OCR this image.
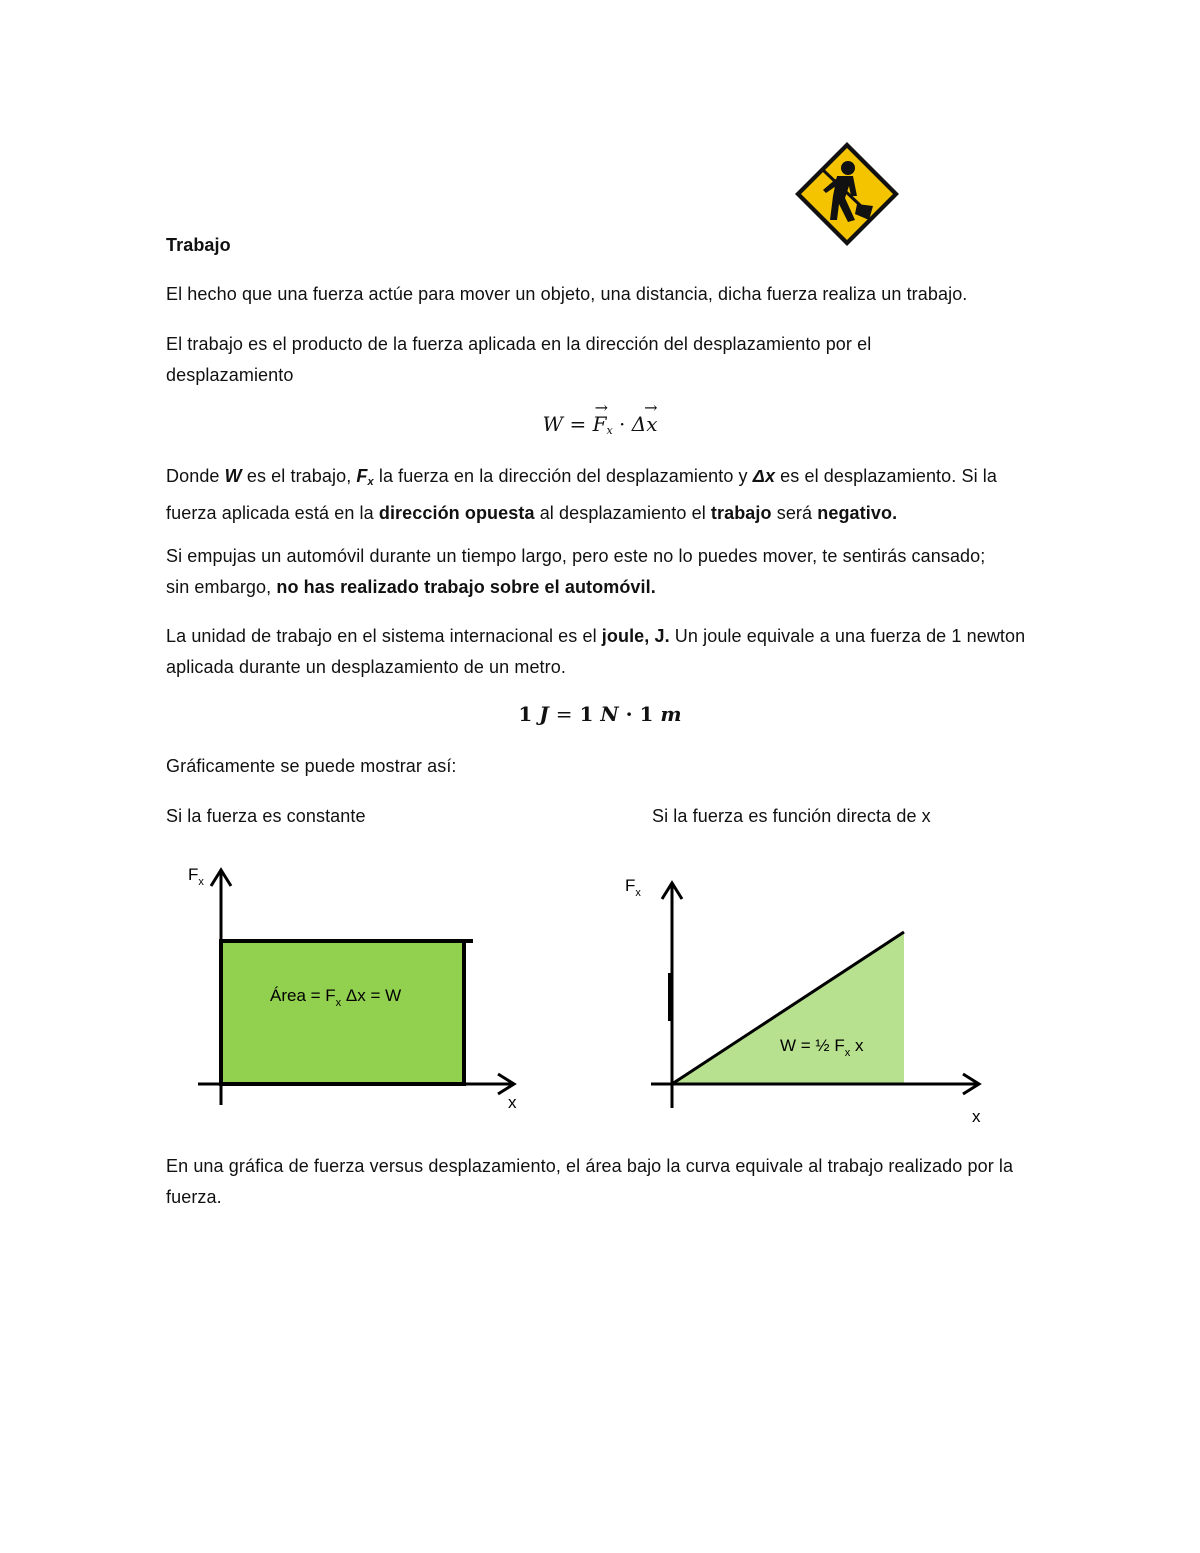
Trabajo
El hecho que una fuerza actúe para mover un objeto, una distancia, dicha fuerza realiza un trabajo.
El trabajo es el producto de la fuerza aplicada en la dirección del desplazamiento por el desplazamiento
W =
→
$F_x$ ·
→
Δx
Donde W es el trabajo, $F_x$ la fuerza en la dirección del desplazamiento y Δx es el desplazamiento. Si la fuerza aplicada está en la dirección opuesta al desplazamiento el trabajo será negativo.
Si empujas un automóvil durante un tiempo largo, pero este no lo puedes mover, te sentirás cansado; sin embargo, no has realizado trabajo sobre el automóvil.
La unidad de trabajo en el sistema internacional es el joule, J. Un joule equivale a una fuerza de 1 newton aplicada durante un desplazamiento de un metro.
1 J = 1 N · 1 m
Gráficamente se puede mostrar así:
Si la fuerza es constante	Si la fuerza es función directa de x
$F_x$
x
Área = $F_x$ Δx = W
$F_x$
x
W = ½ $F_x$ x
En una gráfica de fuerza versus desplazamiento, el área bajo la curva equivale al trabajo realizado por la fuerza.
